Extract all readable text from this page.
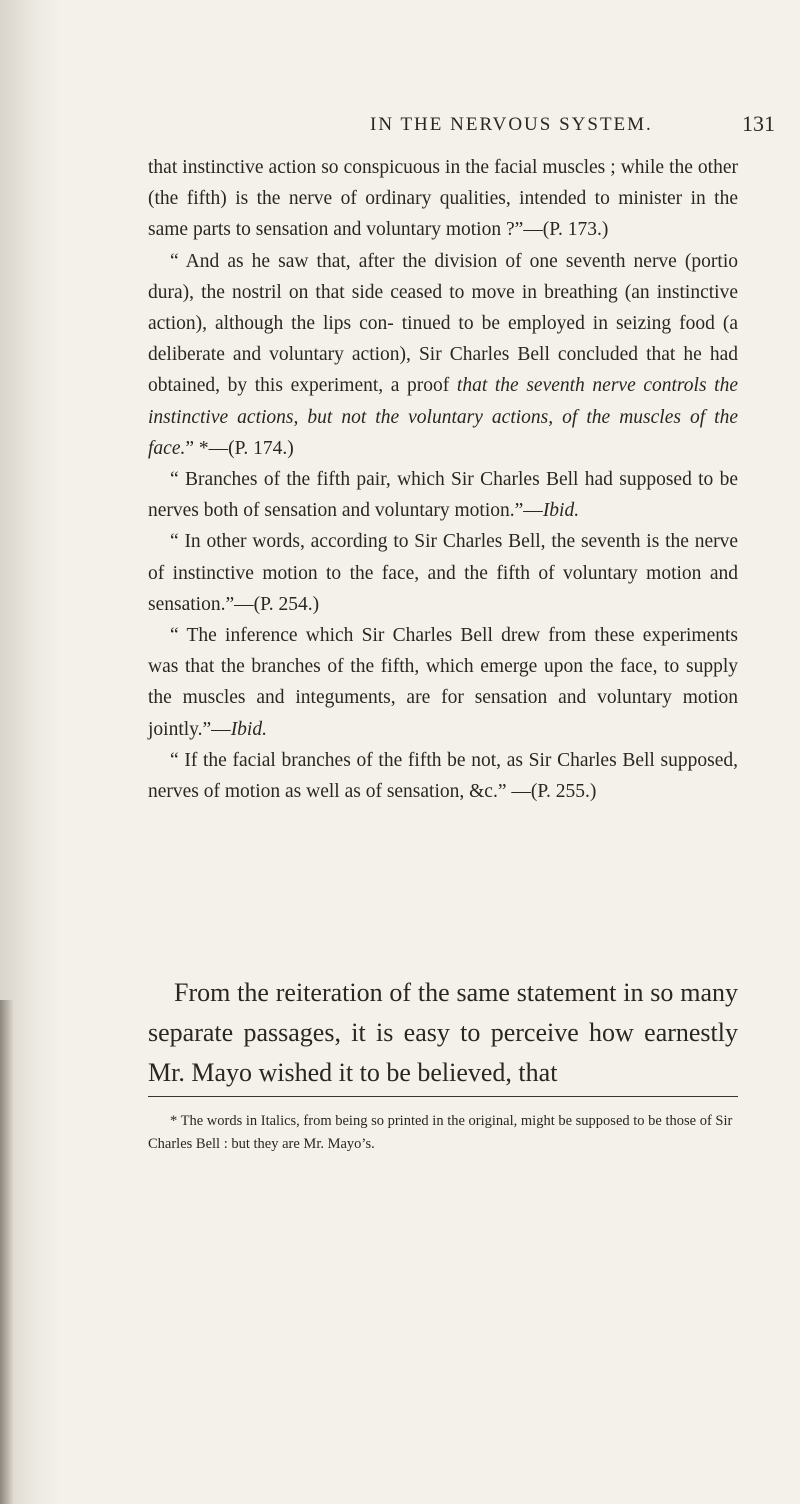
IN THE NERVOUS SYSTEM.	131

that instinctive action so conspicuous in the facial muscles ; while the other (the fifth) is the nerve of ordinary qualities, intended to minister in the same parts to sensation and voluntary motion ?”—(P. 173.)

“ And as he saw that, after the division of one seventh nerve (portio dura), the nostril on that side ceased to move in breathing (an instinctive action), although the lips con- tinued to be employed in seizing food (a deliberate and voluntary action), Sir Charles Bell concluded that he had obtained, by this experiment, a proof that the seventh nerve controls the instinctive actions, but not the voluntary actions, of the muscles of the face.” *—(P. 174.)

“ Branches of the fifth pair, which Sir Charles Bell had supposed to be nerves both of sensation and voluntary motion.”—Ibid.

“ In other words, according to Sir Charles Bell, the seventh is the nerve of instinctive motion to the face, and the fifth of voluntary motion and sensation.”—(P. 254.)

“ The inference which Sir Charles Bell drew from these experiments was that the branches of the fifth, which emerge upon the face, to supply the muscles and integuments, are for sensation and voluntary motion jointly.”—Ibid.

“ If the facial branches of the fifth be not, as Sir Charles Bell supposed, nerves of motion as well as of sensation, &c.” —(P. 255.)

From the reiteration of the same statement in so many separate passages, it is easy to perceive how earnestly Mr. Mayo wished it to be believed, that

* The words in Italics, from being so printed in the original, might be supposed to be those of Sir Charles Bell : but they are Mr. Mayo’s.
